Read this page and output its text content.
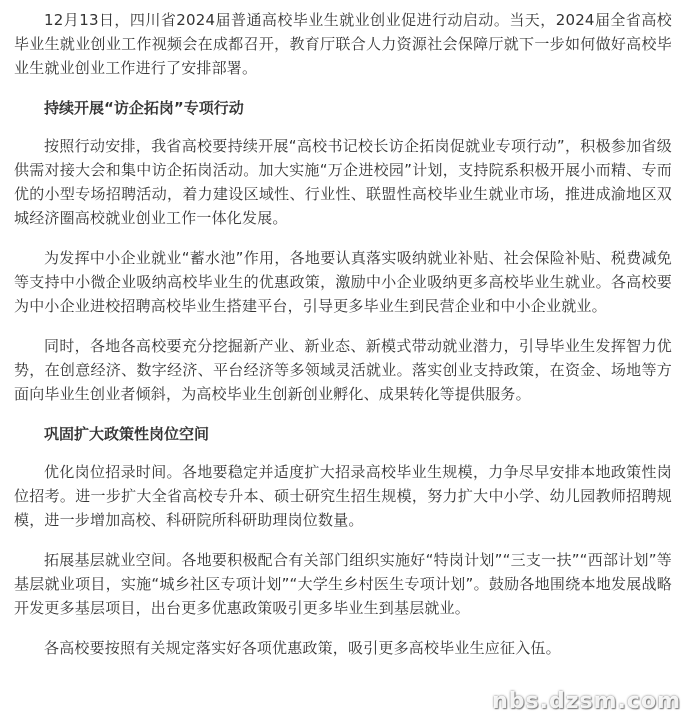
12月13日，四川省2024届普通高校毕业生就业创业促进行动启动。当天，2024届全省高校毕业生就业创业工作视频会在成都召开，教育厅联合人力资源社会保障厅就下一步如何做好高校毕业生就业创业工作进行了安排部署。

持续开展“访企拓岗”专项行动

按照行动安排，我省高校要持续开展“高校书记校长访企拓岗促就业专项行动”，积极参加省级供需对接大会和集中访企拓岗活动。加大实施“万企进校园”计划，支持院系积极开展小而精、专而优的小型专场招聘活动，着力建设区域性、行业性、联盟性高校毕业生就业市场，推进成渝地区双城经济圈高校就业创业工作一体化发展。

为发挥中小企业就业“蓄水池”作用，各地要认真落实吸纳就业补贴、社会保险补贴、税费减免等支持中小微企业吸纳高校毕业生的优惠政策，激励中小企业吸纳更多高校毕业生就业。各高校要为中小企业进校招聘高校毕业生搭建平台，引导更多毕业生到民营企业和中小企业就业。

同时，各地各高校要充分挖掘新产业、新业态、新模式带动就业潜力，引导毕业生发挥智力优势，在创意经济、数字经济、平台经济等多领域灵活就业。落实创业支持政策，在资金、场地等方面向毕业生创业者倾斜，为高校毕业生创新创业孵化、成果转化等提供服务。

巩固扩大政策性岗位空间

优化岗位招录时间。各地要稳定并适度扩大招录高校毕业生规模，力争尽早安排本地政策性岗位招考。进一步扩大全省高校专升本、硕士研究生招生规模，努力扩大中小学、幼儿园教师招聘规模，进一步增加高校、科研院所科研助理岗位数量。

拓展基层就业空间。各地要积极配合有关部门组织实施好“特岗计划”“三支一扶”“西部计划”等基层就业项目，实施“城乡社区专项计划”“大学生乡村医生专项计划”。鼓励各地围绕本地发展战略开发更多基层项目，出台更多优惠政策吸引更多毕业生到基层就业。

各高校要按照有关规定落实好各项优惠政策，吸引更多高校毕业生应征入伍。

nbs.dzsm.com
